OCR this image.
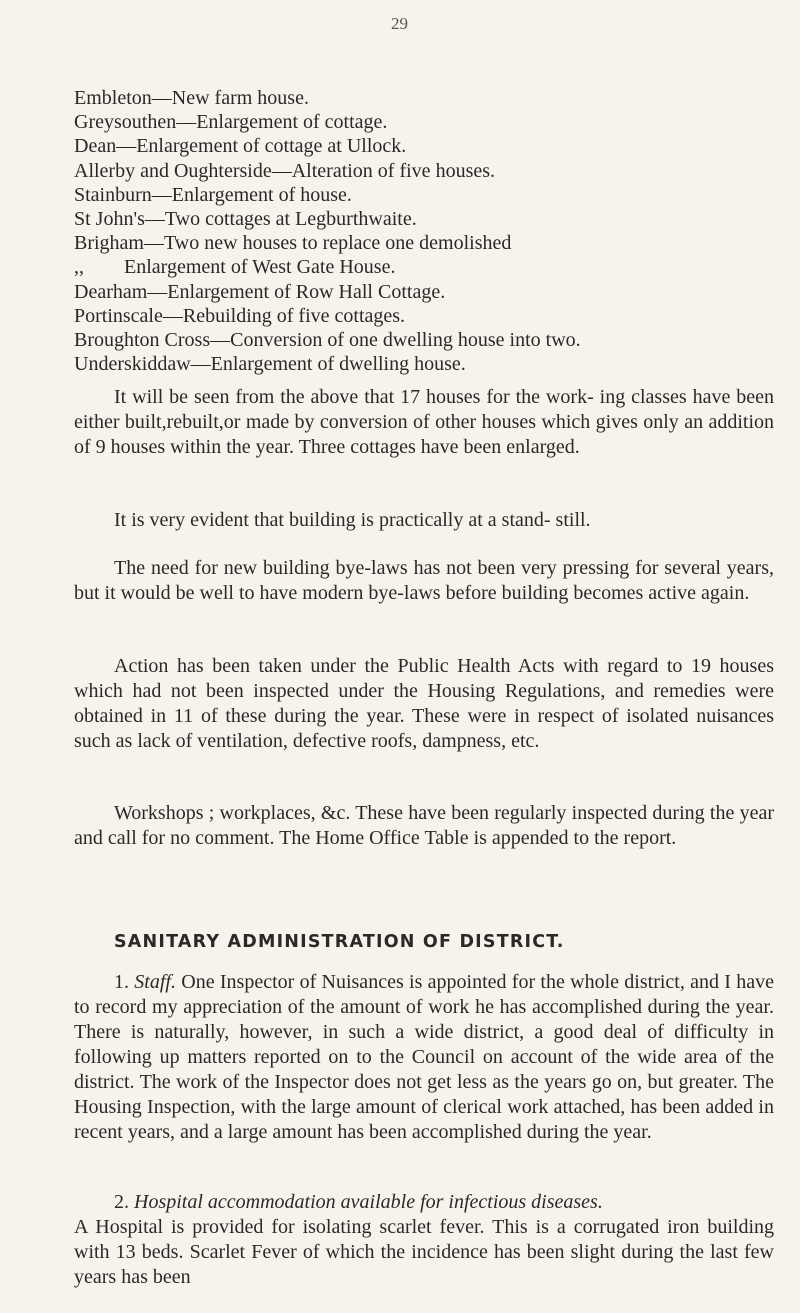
29
Embleton—New farm house.
Greysouthen—Enlargement of cottage.
Dean—Enlargement of cottage at Ullock.
Allerby and Oughterside—Alteration of five houses.
Stainburn—Enlargement of house.
St John's—Two cottages at Legburthwaite.
Brigham—Two new houses to replace one demolished
,, Enlargement of West Gate House.
Dearham—Enlargement of Row Hall Cottage.
Portinscale—Rebuilding of five cottages.
Broughton Cross—Conversion of one dwelling house into two.
Underskiddaw—Enlargement of dwelling house.

It will be seen from the above that 17 houses for the work- ing classes have been either built,rebuilt,or made by conversion of other houses which gives only an addition of 9 houses within the year. Three cottages have been enlarged.

It is very evident that building is practically at a stand- still.

The need for new building bye-laws has not been very pressing for several years, but it would be well to have modern bye-laws before building becomes active again.

Action has been taken under the Public Health Acts with regard to 19 houses which had not been inspected under the Housing Regulations, and remedies were obtained in 11 of these during the year. These were in respect of isolated nuisances such as lack of ventilation, defective roofs, dampness, etc.

Workshops ; workplaces, &c. These have been regularly inspected during the year and call for no comment. The Home Office Table is appended to the report.

SANITARY ADMINISTRATION OF DISTRICT.

1. Staff. One Inspector of Nuisances is appointed for the whole district, and I have to record my appreciation of the amount of work he has accomplished during the year. There is naturally, however, in such a wide district, a good deal of difficulty in following up matters reported on to the Council on account of the wide area of the district. The work of the Inspector does not get less as the years go on, but greater. The Housing Inspection, with the large amount of clerical work attached, has been added in recent years, and a large amount has been accomplished during the year.

2. Hospital accommodation available for infectious diseases.
A Hospital is provided for isolating scarlet fever. This is a corrugated iron building with 13 beds. Scarlet Fever of which the incidence has been slight during the last few years has been
